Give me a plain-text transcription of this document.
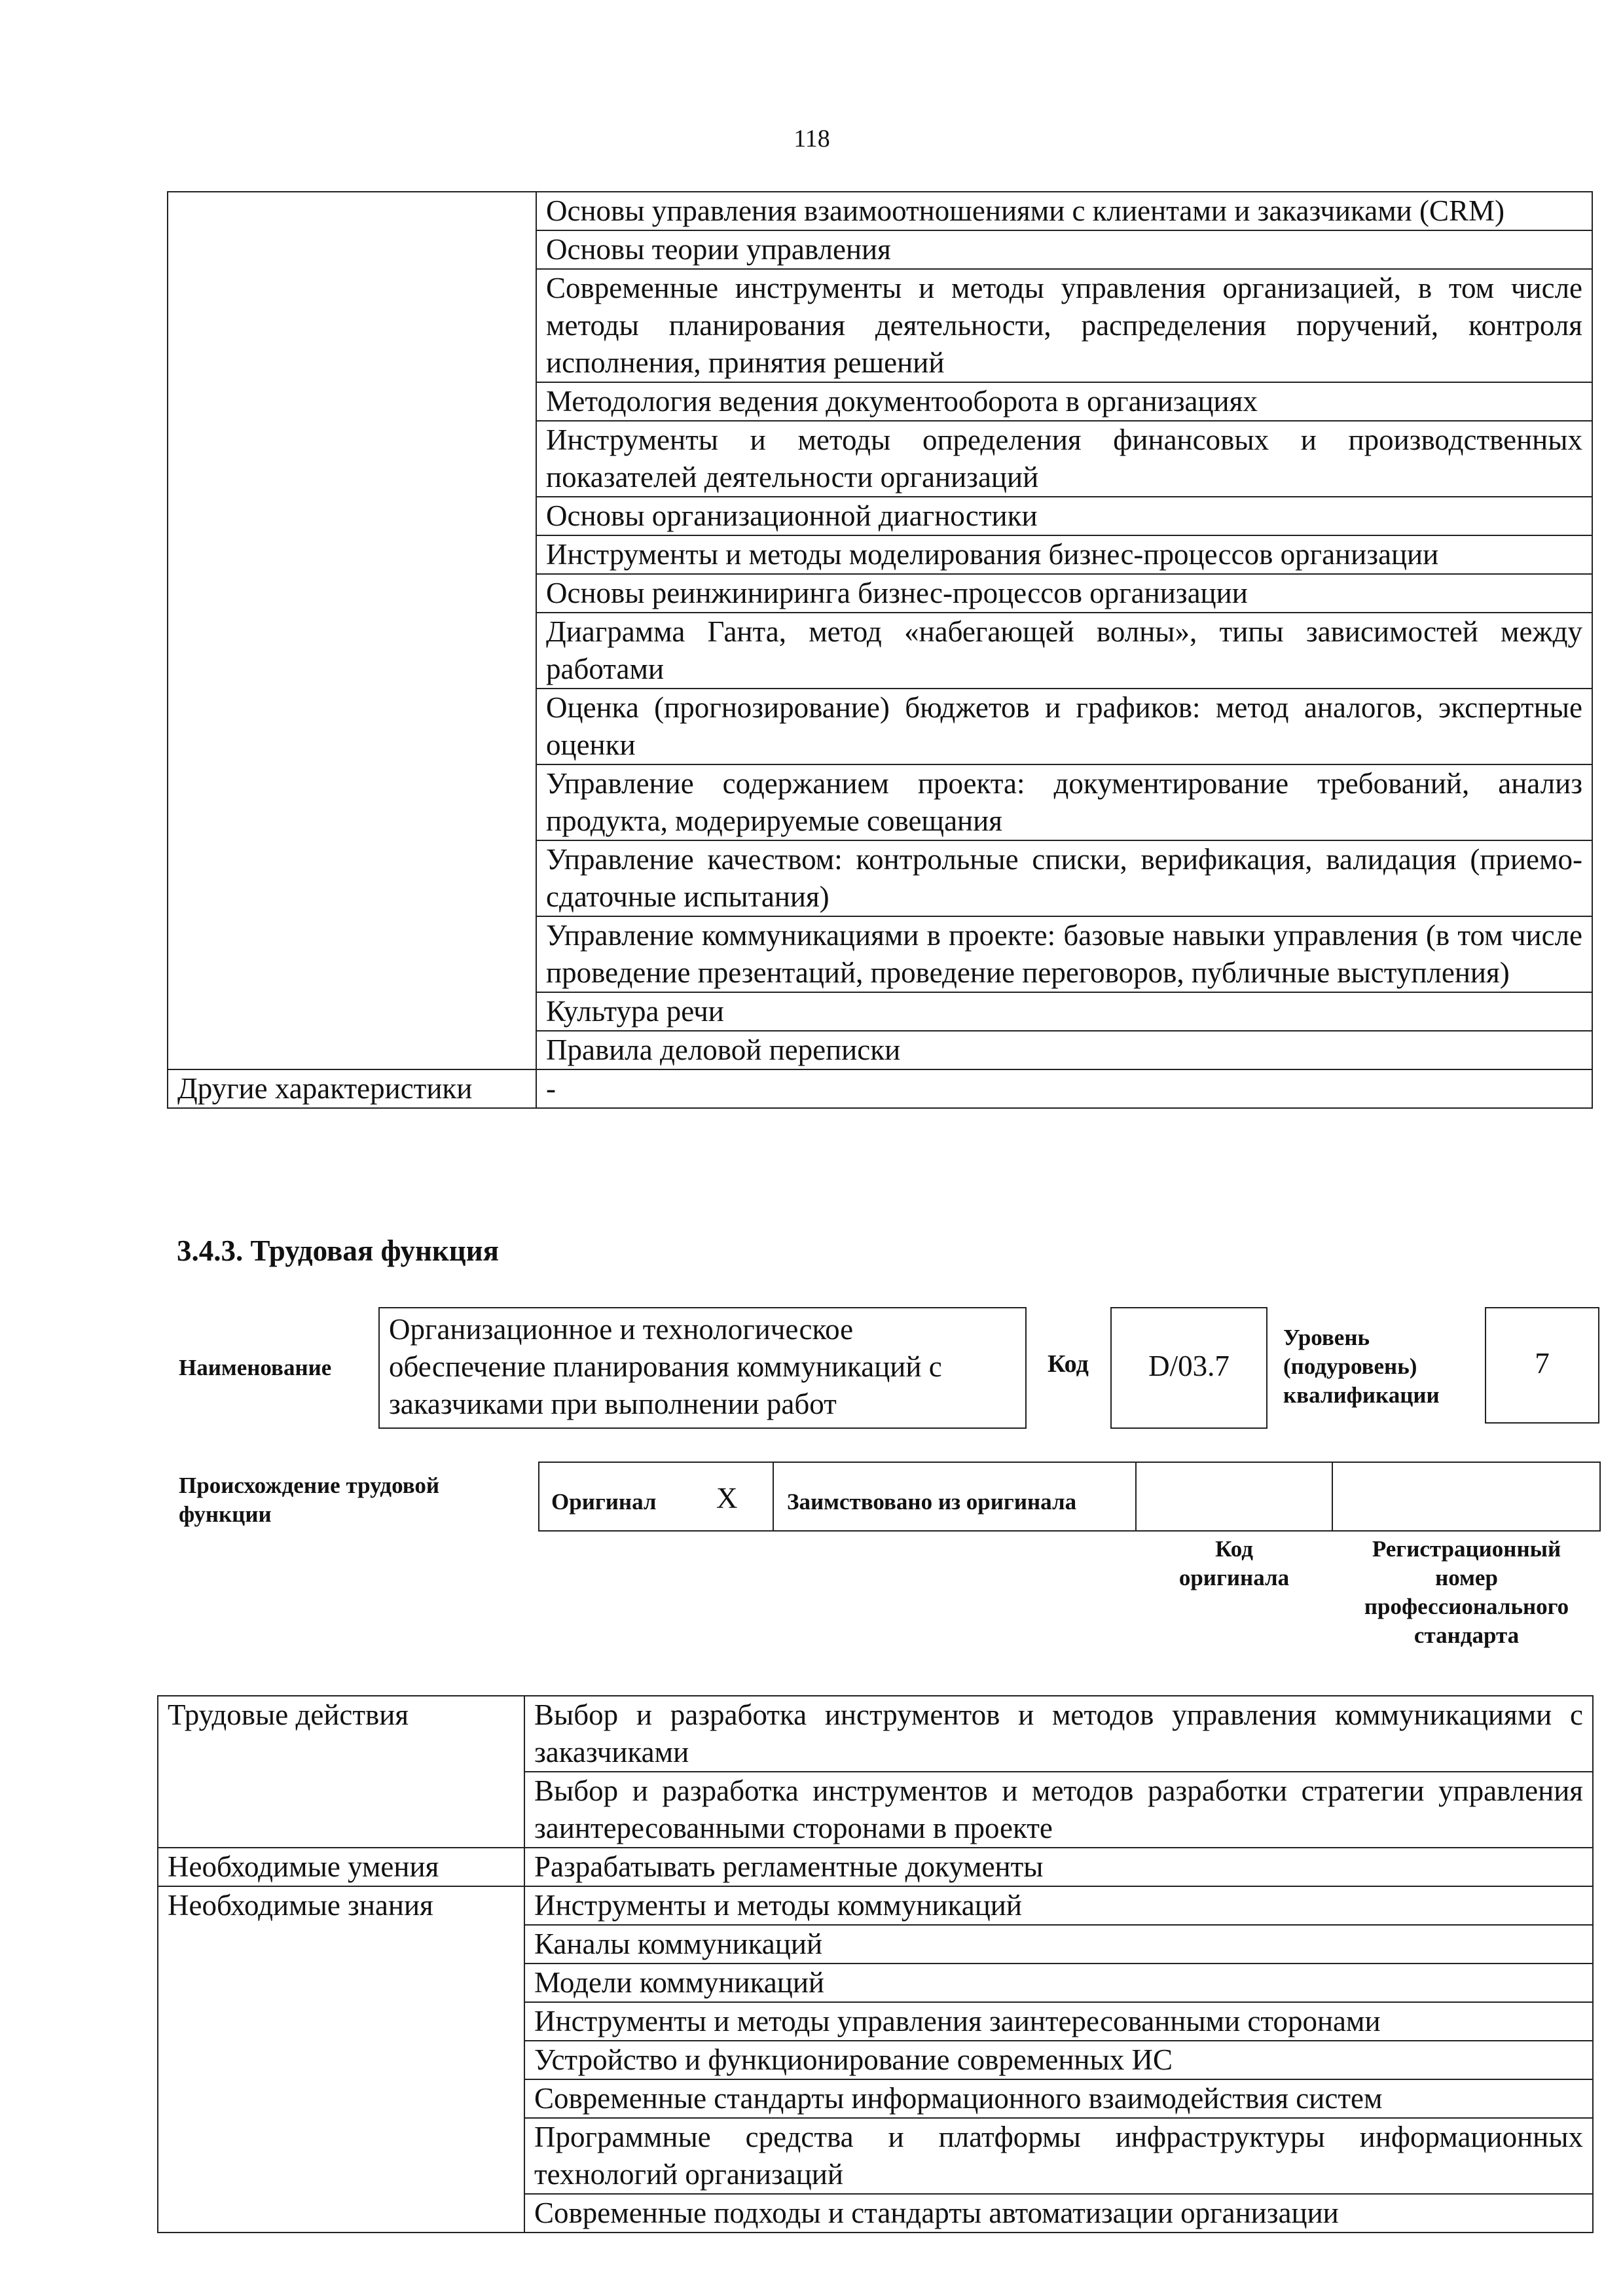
118
	Основы управления взаимоотношениями с клиентами и заказчиками (CRM)
	Основы теории управления
	Современные инструменты и методы управления организацией, в том числе методы планирования деятельности, распределения поручений, контроля исполнения, принятия решений
	Методология ведения документооборота в организациях
	Инструменты и методы определения финансовых и производственных показателей деятельности организаций
	Основы организационной диагностики
	Инструменты и методы моделирования бизнес-процессов организации
	Основы реинжиниринга бизнес-процессов организации
	Диаграмма Ганта, метод «набегающей волны», типы зависимостей между работами
	Оценка (прогнозирование) бюджетов и графиков: метод аналогов, экспертные оценки
	Управление содержанием проекта: документирование требований, анализ продукта, модерируемые совещания
	Управление качеством: контрольные списки, верификация, валидация (приемо-сдаточные испытания)
	Управление коммуникациями в проекте: базовые навыки управления (в том числе проведение презентаций, проведение переговоров, публичные выступления)
	Культура речи
	Правила деловой переписки
Другие характеристики	-
3.4.3. Трудовая функция
Наименование
Организационное и технологическое обеспечение планирования коммуникаций с заказчиками при выполнении работ
Код	D/03.7
Уровень (подуровень) квалификации
7
Происхождение трудовой функции	Оригинал X Заимствовано из оригинала
Код оригинала
Регистрационный номер профессионального стандарта
Трудовые действия	Выбор и разработка инструментов и методов управления коммуникациями с заказчиками
	Выбор и разработка инструментов и методов разработки стратегии управления заинтересованными сторонами в проекте
Необходимые умения	Разрабатывать регламентные документы
Необходимые знания	Инструменты и методы коммуникаций
	Каналы коммуникаций
	Модели коммуникаций
	Инструменты и методы управления заинтересованными сторонами
	Устройство и функционирование современных ИС
	Современные стандарты информационного взаимодействия систем
	Программные средства и платформы инфраструктуры информационных технологий организаций
	Современные подходы и стандарты автоматизации организации
